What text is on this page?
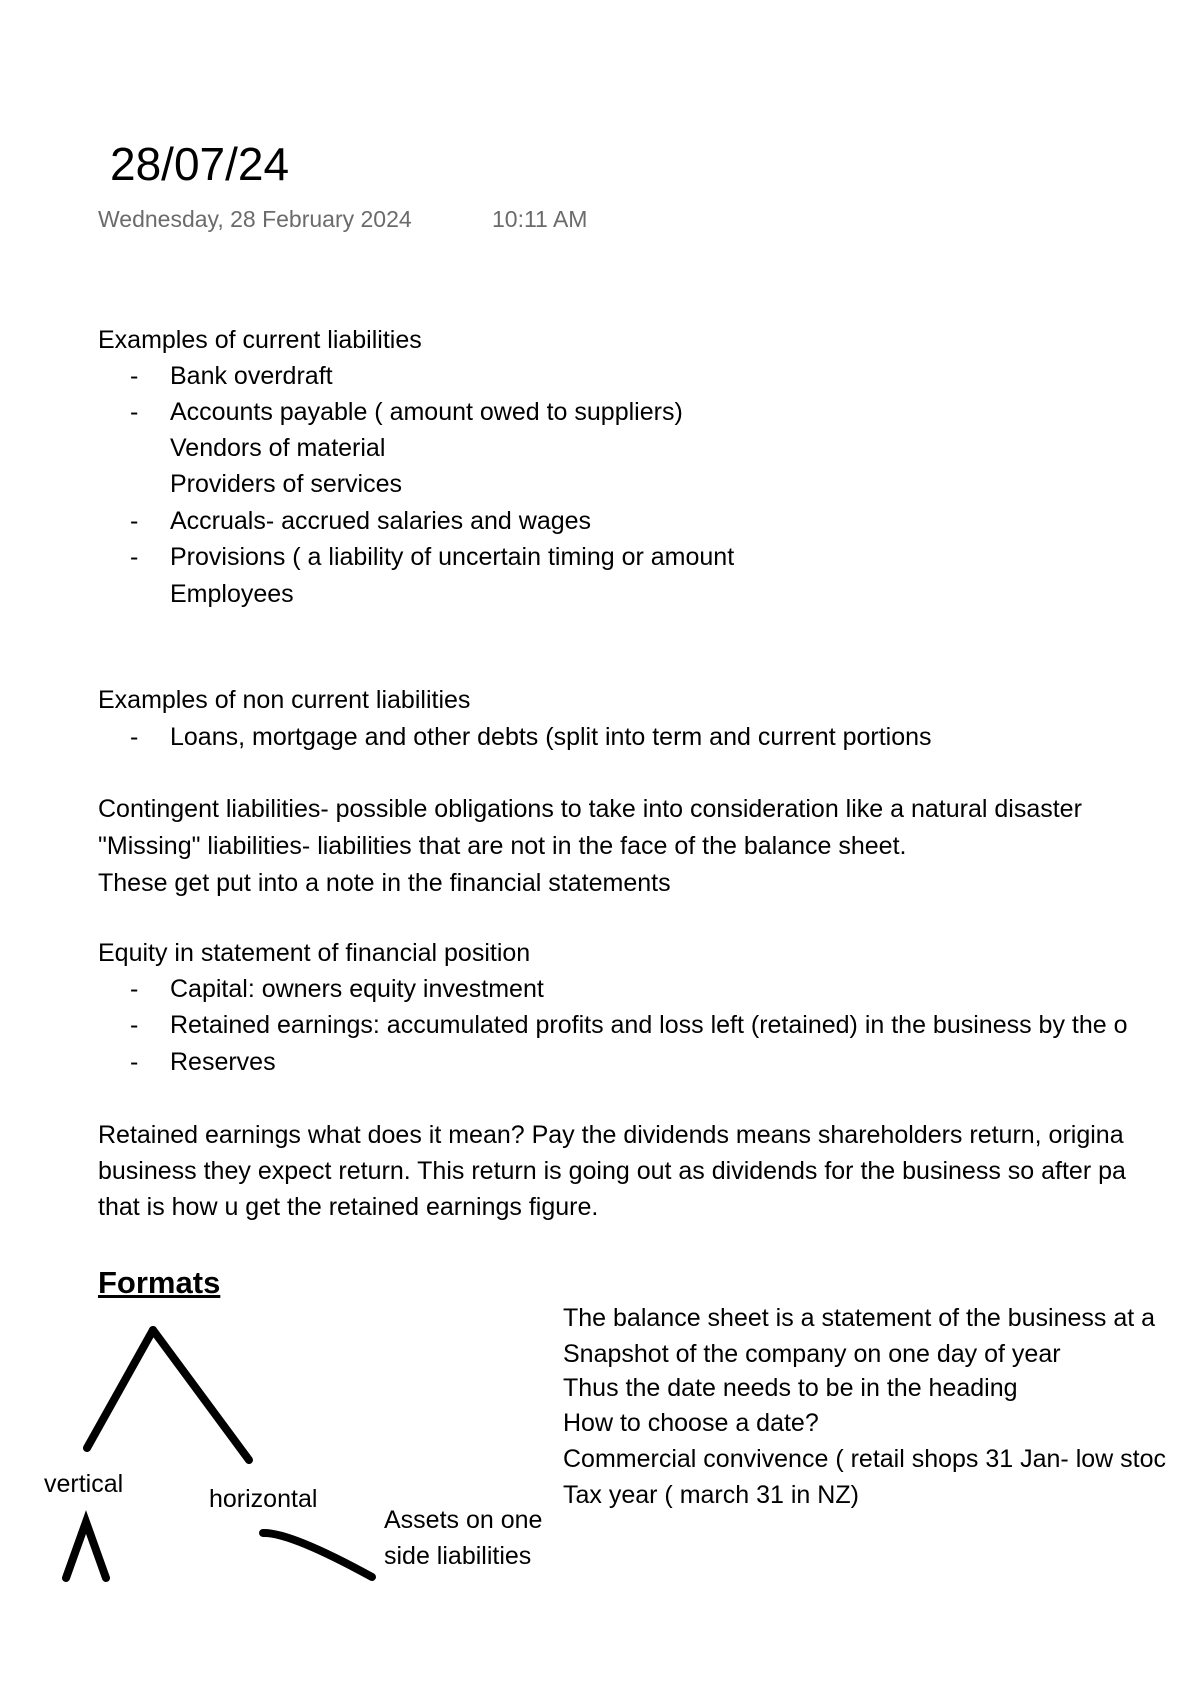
28/07/24
Wednesday, 28 February 2024	10:11 AM
Examples of current liabilities
- Bank overdraft
- Accounts payable ( amount owed to suppliers)
Vendors of material
Providers of services
- Accruals- accrued salaries and wages
- Provisions ( a liability of uncertain timing or amount
Employees
Examples of non current liabilities
- Loans, mortgage and other debts (split into term and current portions
Contingent liabilities- possible obligations to take into consideration like a natural disaster
"Missing" liabilities- liabilities that are not in the face of the balance sheet.
These get put into a note in the financial statements
Equity in statement of financial position
- Capital: owners equity investment
- Retained earnings: accumulated profits and loss left (retained) in the business by the o
- Reserves
Retained earnings what does it mean? Pay the dividends means shareholders return, origina
business they expect return. This return is going out as dividends for the business so after pa
that is how u get the retained earnings figure.
Formats
vertical
horizontal
Assets on one
side liabilities
The balance sheet is a statement of the business at a
Snapshot of the company on one day of year
Thus the date needs to be in the heading
How to choose a date?
Commercial convivence ( retail shops 31 Jan- low stoc
Tax year ( march 31 in NZ)
